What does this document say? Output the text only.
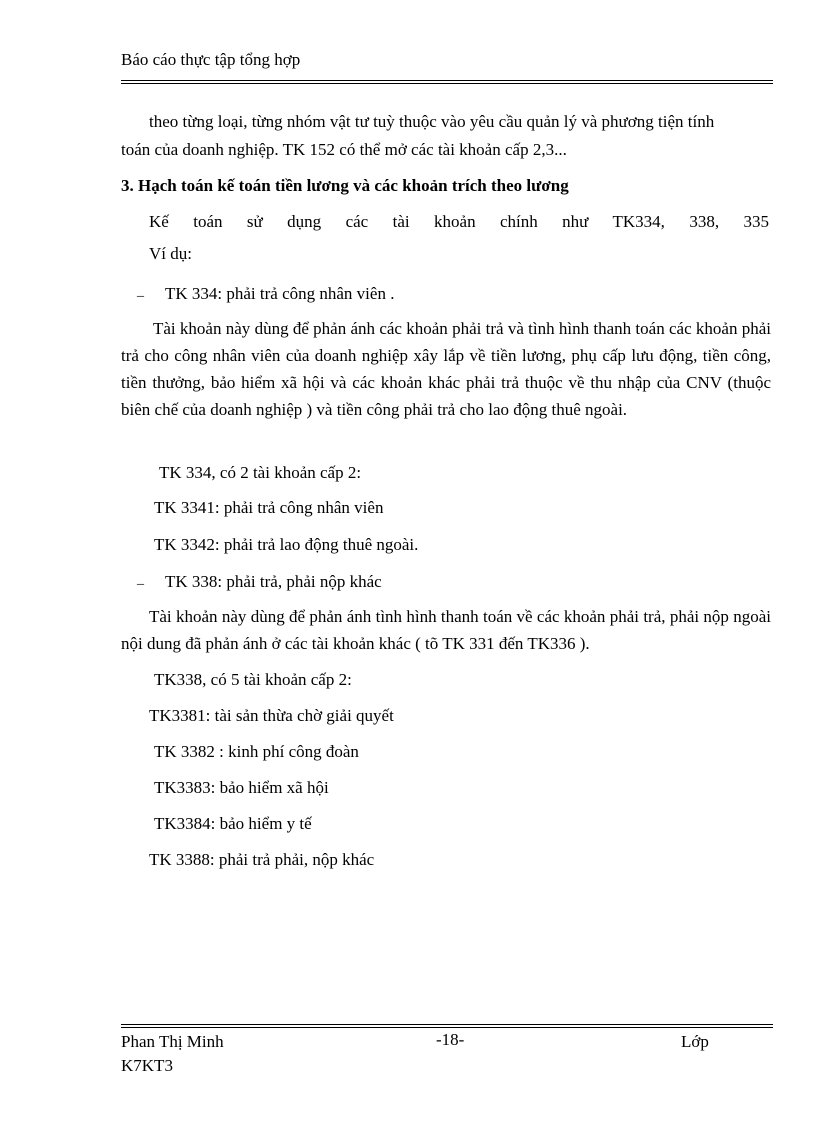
Báo cáo thực tập tổng hợp
theo từng loại, từng nhóm vật tư tuỳ thuộc vào yêu cầu quản lý và phương tiện tính
toán của doanh nghiệp. TK 152 có thể mở các tài khoản cấp 2,3...
3. Hạch toán kế toán tiền lương và các khoản trích theo lương
Kế toán sử dụng các tài khoản chính như TK334, 338, 335
Ví dụ:
_ TK 334: phải trả công nhân viên .
Tài khoản này dùng để phản ánh các khoản phải trả và tình hình thanh toán các khoản phải trả cho công nhân viên của doanh nghiệp xây lắp về tiền lương, phụ cấp lưu động, tiền công, tiền thưởng, bảo hiểm xã hội và các khoản khác phải trả thuộc về thu nhập của CNV (thuộc biên chế của doanh nghiệp ) và tiền công phải trả cho lao động thuê ngoài.
TK 334, có 2 tài khoản cấp 2:
TK 3341: phải trả công nhân viên
TK 3342: phải trả lao động thuê ngoài.
_ TK 338: phải trả, phải nộp khác
Tài khoản này dùng để phản ánh tình hình thanh toán về các khoản phải trả, phải nộp ngoài nội dung đã phản ánh ở các tài khoản khác ( tõ TK 331 đến TK336 ).
TK338, có 5 tài khoản cấp 2:
TK3381: tài sản thừa chờ giải quyết
TK 3382 : kinh phí công đoàn
TK3383: bảo hiểm xã hội
TK3384: bảo hiểm y tế
TK 3388: phải trả phải, nộp khác
Phan Thị Minh
K7KT3
-18-	Lớp
